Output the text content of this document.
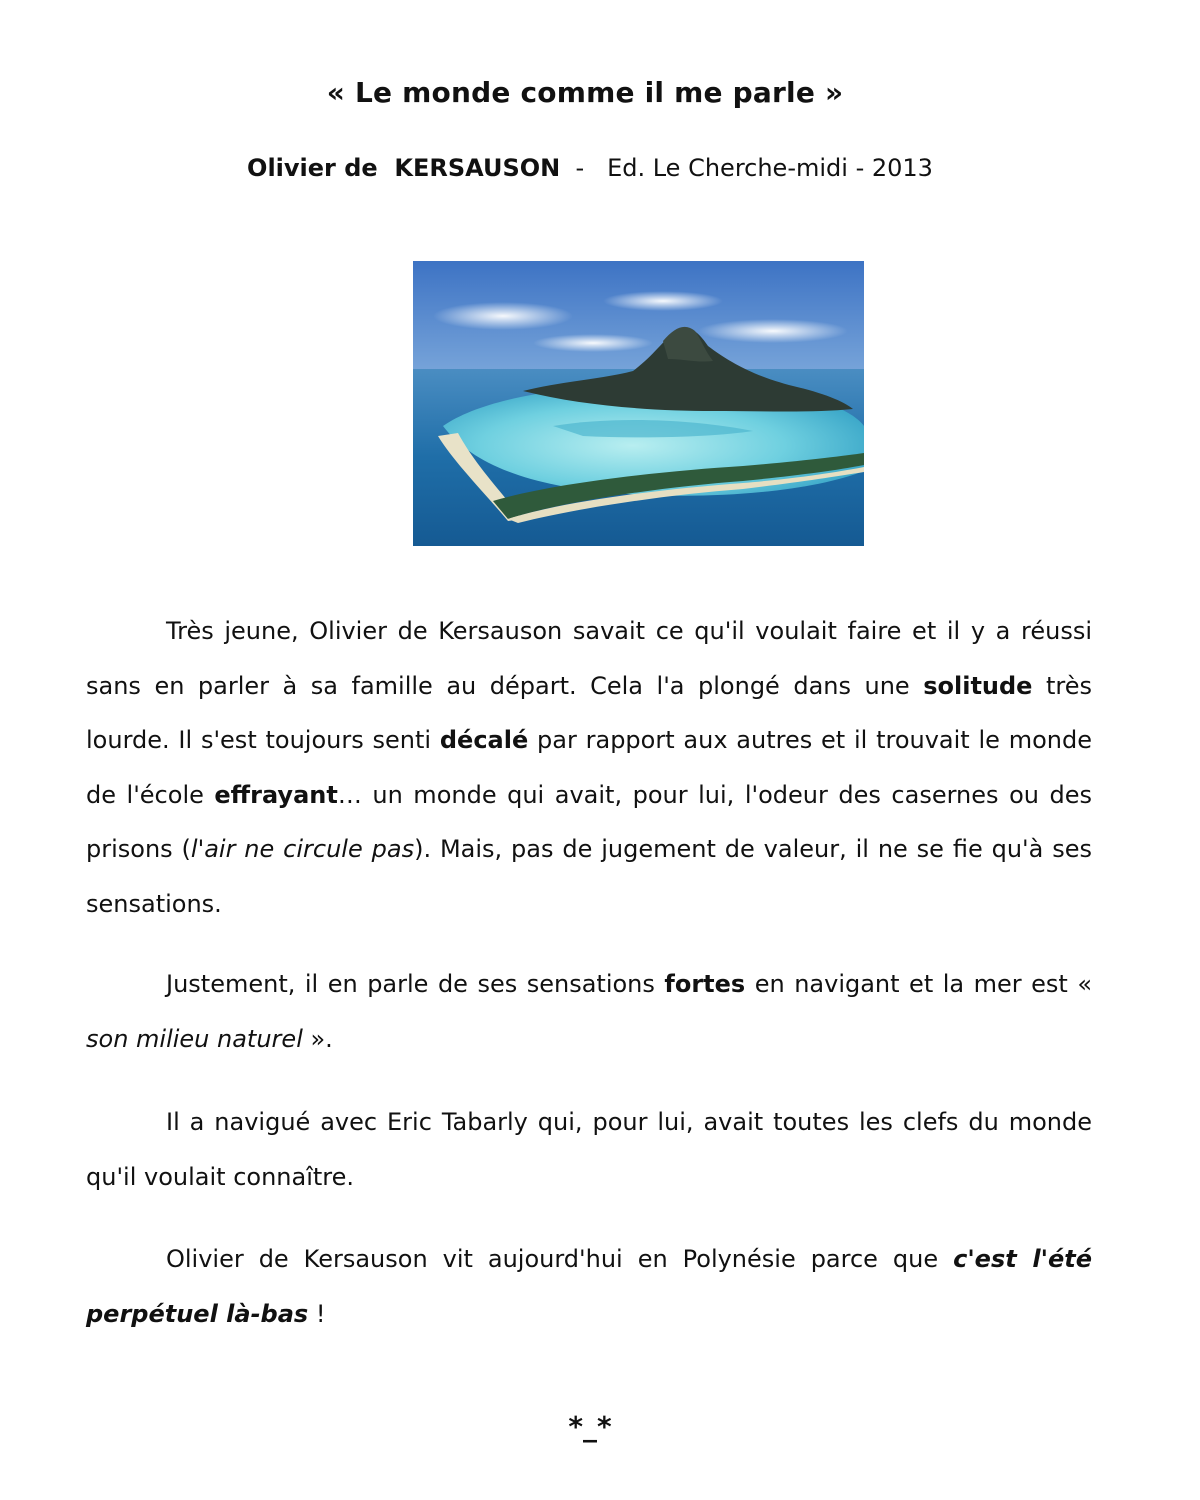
« Le monde comme il me parle »
Olivier de  KERSAUSON  -   Ed. Le Cherche-midi - 2013

Très jeune, Olivier de Kersauson savait ce qu'il voulait faire et il y a réussi sans en parler à sa famille au départ. Cela l'a plongé dans une solitude très lourde. Il s'est toujours senti décalé par rapport aux autres et il trouvait le monde de l'école effrayant… un monde qui avait, pour lui, l'odeur des casernes ou des prisons (l'air ne circule pas). Mais, pas de jugement de valeur, il ne se fie qu'à ses sensations.

Justement, il en parle de ses sensations fortes en navigant et la mer est « son milieu naturel ».

Il a navigué avec Eric Tabarly qui, pour lui, avait toutes les clefs du monde qu'il voulait connaître.

Olivier de Kersauson vit aujourd'hui en Polynésie parce que c'est l'été perpétuel là-bas !

*_*
